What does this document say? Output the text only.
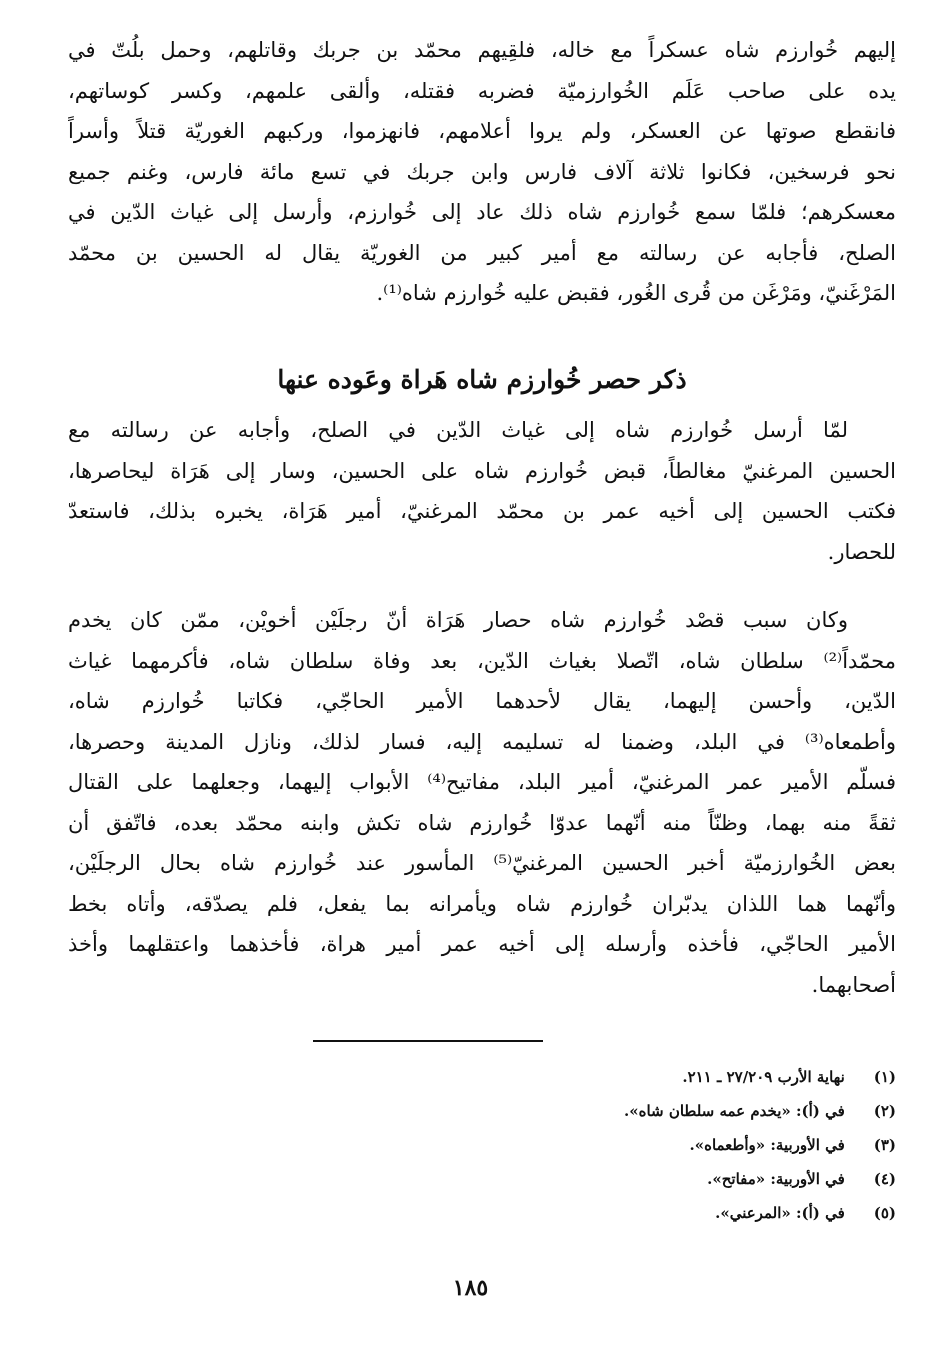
إليهم خُوارزم شاه عسكراً مع خاله، فلقِيهم محمّد بن جربك وقاتلهم، وحمل بلُتّ في
يده على صاحب عَلَم الخُوارزميّة فضربه فقتله، وألقى علمهم، وكسر كوساتهم،
فانقطع صوتها عن العسكر، ولم يروا أعلامهم، فانهزموا، وركبهم الغوريّة قتلاً وأسراً
نحو فرسخين، فكانوا ثلاثة آلاف فارس وابن جربك في تسع مائة فارس، وغنم جميع
معسكرهم؛ فلمّا سمع خُوارزم شاه ذلك عاد إلى خُوارزم، وأرسل إلى غياث الدّين في
الصلح، فأجابه عن رسالته مع أمير كبير من الغوريّة يقال له الحسين بن محمّد
المَرْغَنيّ، ومَرْغَن من قُرى الغُور، فقبض عليه خُوارزم شاه⁽¹⁾.
ذكر حصر خُوارزم شاه هَراة وعَوده عنها
لمّا أرسل خُوارزم شاه إلى غياث الدّين في الصلح، وأجابه عن رسالته مع
الحسين المرغنيّ مغالطاً، قبض خُوارزم شاه على الحسين، وسار إلى هَرَاة ليحاصرها،
فكتب الحسين إلى أخيه عمر بن محمّد المرغنيّ، أمير هَرَاة، يخبره بذلك، فاستعدّ
للحصار.
وكان سبب قصْد خُوارزم شاه حصار هَرَاة أنّ رجلَيْن أخويْن، ممّن كان يخدم
محمّداً⁽²⁾ سلطان شاه، اتّصلا بغياث الدّين، بعد وفاة سلطان شاه، فأكرمهما غياث
الدّين، وأحسن إليهما، يقال لأحدهما الأمير الحاجّي، فكاتبا خُوارزم شاه،
وأطمعاه⁽³⁾ في البلد، وضمنا له تسليمه إليه، فسار لذلك، ونازل المدينة وحصرها،
فسلّم الأمير عمر المرغنيّ، أمير البلد، مفاتيح⁽⁴⁾ الأبواب إليهما، وجعلهما على القتال
ثقةً منه بهما، وظنّاً منه أنّهما عدوّا خُوارزم شاه تكش وابنه محمّد بعده، فاتّفق أن
بعض الخُوارزميّة أخبر الحسين المرغنيّ⁽⁵⁾ المأسور عند خُوارزم شاه بحال الرجلَيْن،
وأنّهما هما اللذان يدبّران خُوارزم شاه ويأمرانه بما يفعل، فلم يصدّقه، وأتاه بخط
الأمير الحاجّي، فأخذه وأرسله إلى أخيه عمر أمير هراة، فأخذهما واعتقلهما وأخذ
أصحابهما.
(١) نهاية الأرب ٢٧/٢٠٩ ـ ٢١١.
(٢) في (أ): «يخدم عمه سلطان شاه».
(٣) في الأوربية: «وأطعماه».
(٤) في الأوربية: «مفاتح».
(٥) في (أ): «المرعني».
١٨٥
